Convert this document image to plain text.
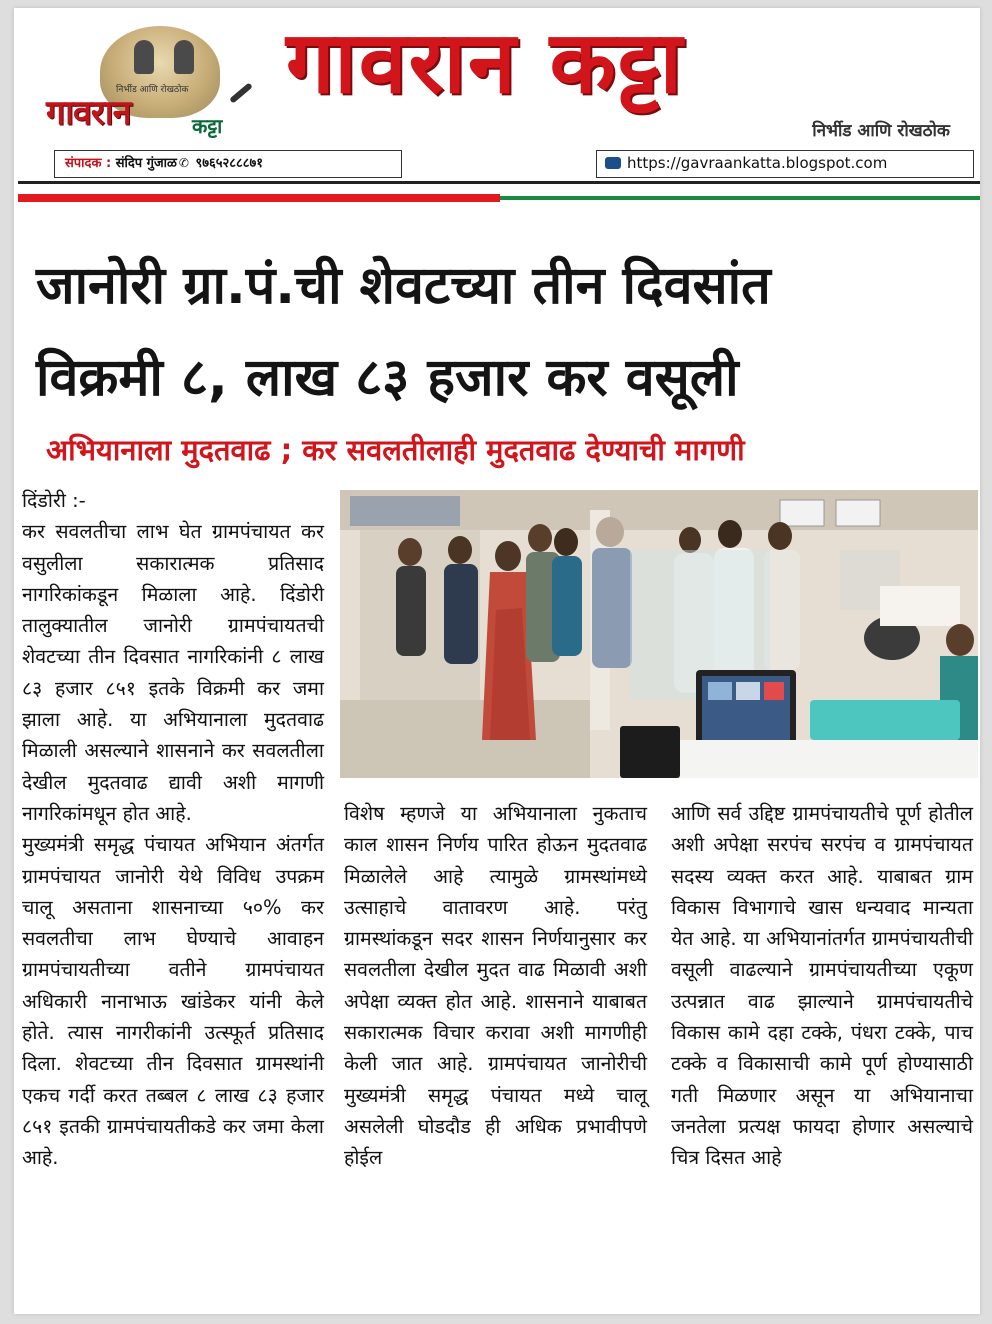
निर्भीड आणि रोखठोक
गावरान	कट्टा
गावरान कट्टा
निर्भीड आणि रोखठोक
संपादक : संदिप गुंजाळ ✆ ९७६५२८८८७१	https://gavraankatta.blogspot.com
जानोरी ग्रा.पं.ची शेवटच्या तीन दिवसांत
विक्रमी ८, लाख ८३ हजार कर वसूली
अभियानाला मुदतवाढ ; कर सवलतीलाही मुदतवाढ देण्याची मागणी
दिंडोरी :-

कर सवलतीचा लाभ घेत ग्रामपंचायत कर वसुलीला सकारात्मक प्रतिसाद नागरिकांकडून मिळाला आहे. दिंडोरी तालुक्यातील जानोरी ग्रामपंचायतची शेवटच्या तीन दिवसात नागरिकांनी ८ लाख ८३ हजार ८५१ इतके विक्रमी कर जमा झाला आहे. या अभियानाला मुदतवाढ मिळाली असल्याने शासनाने कर सवलतीला देखील मुदतवाढ द्यावी अशी मागणी नागरिकांमधून होत आहे.

मुख्यमंत्री समृद्ध पंचायत अभियान अंतर्गत ग्रामपंचायत जानोरी येथे विविध उपक्रम चालू असताना शासनाच्या ५०% कर सवलतीचा लाभ घेण्याचे आवाहन ग्रामपंचायतीच्या वतीने ग्रामपंचायत अधिकारी नानाभाऊ खांडेकर यांनी केले होते. त्यास नागरीकांनी उत्स्फूर्त प्रतिसाद दिला. शेवटच्या तीन दिवसात ग्रामस्थांनी एकच गर्दी करत तब्बल ८ लाख ८३ हजार ८५१ इतकी ग्रामपंचायतीकडे कर जमा केला आहे.

विशेष म्हणजे या अभियानाला नुकताच काल शासन निर्णय पारित होऊन मुदतवाढ मिळालेले आहे त्यामुळे ग्रामस्थांमध्ये उत्साहाचे वातावरण आहे. परंतु ग्रामस्थांकडून सदर शासन निर्णयानुसार कर सवलतीला देखील मुदत वाढ मिळावी अशी अपेक्षा व्यक्त होत आहे. शासनाने याबाबत सकारात्मक विचार करावा अशी मागणीही केली जात आहे. ग्रामपंचायत जानोरीची मुख्यमंत्री समृद्ध पंचायत मध्ये चालू असलेली घोडदौड ही अधिक प्रभावीपणे होईल
आणि सर्व उद्दिष्ट ग्रामपंचायतीचे पूर्ण होतील अशी अपेक्षा सरपंच सरपंच व ग्रामपंचायत सदस्य व्यक्त करत आहे. याबाबत ग्राम विकास विभागाचे खास धन्यवाद मान्यता येत आहे. या अभियानांतर्गत ग्रामपंचायतीची वसूली वाढल्याने ग्रामपंचायतीच्या एकूण उत्पन्नात वाढ झाल्याने ग्रामपंचायतीचे विकास कामे दहा टक्के, पंधरा टक्के, पाच टक्के व विकासाची कामे पूर्ण होण्यासाठी गती मिळणार असून या अभियानाचा जनतेला प्रत्यक्ष फायदा होणार असल्याचे चित्र दिसत आहे
